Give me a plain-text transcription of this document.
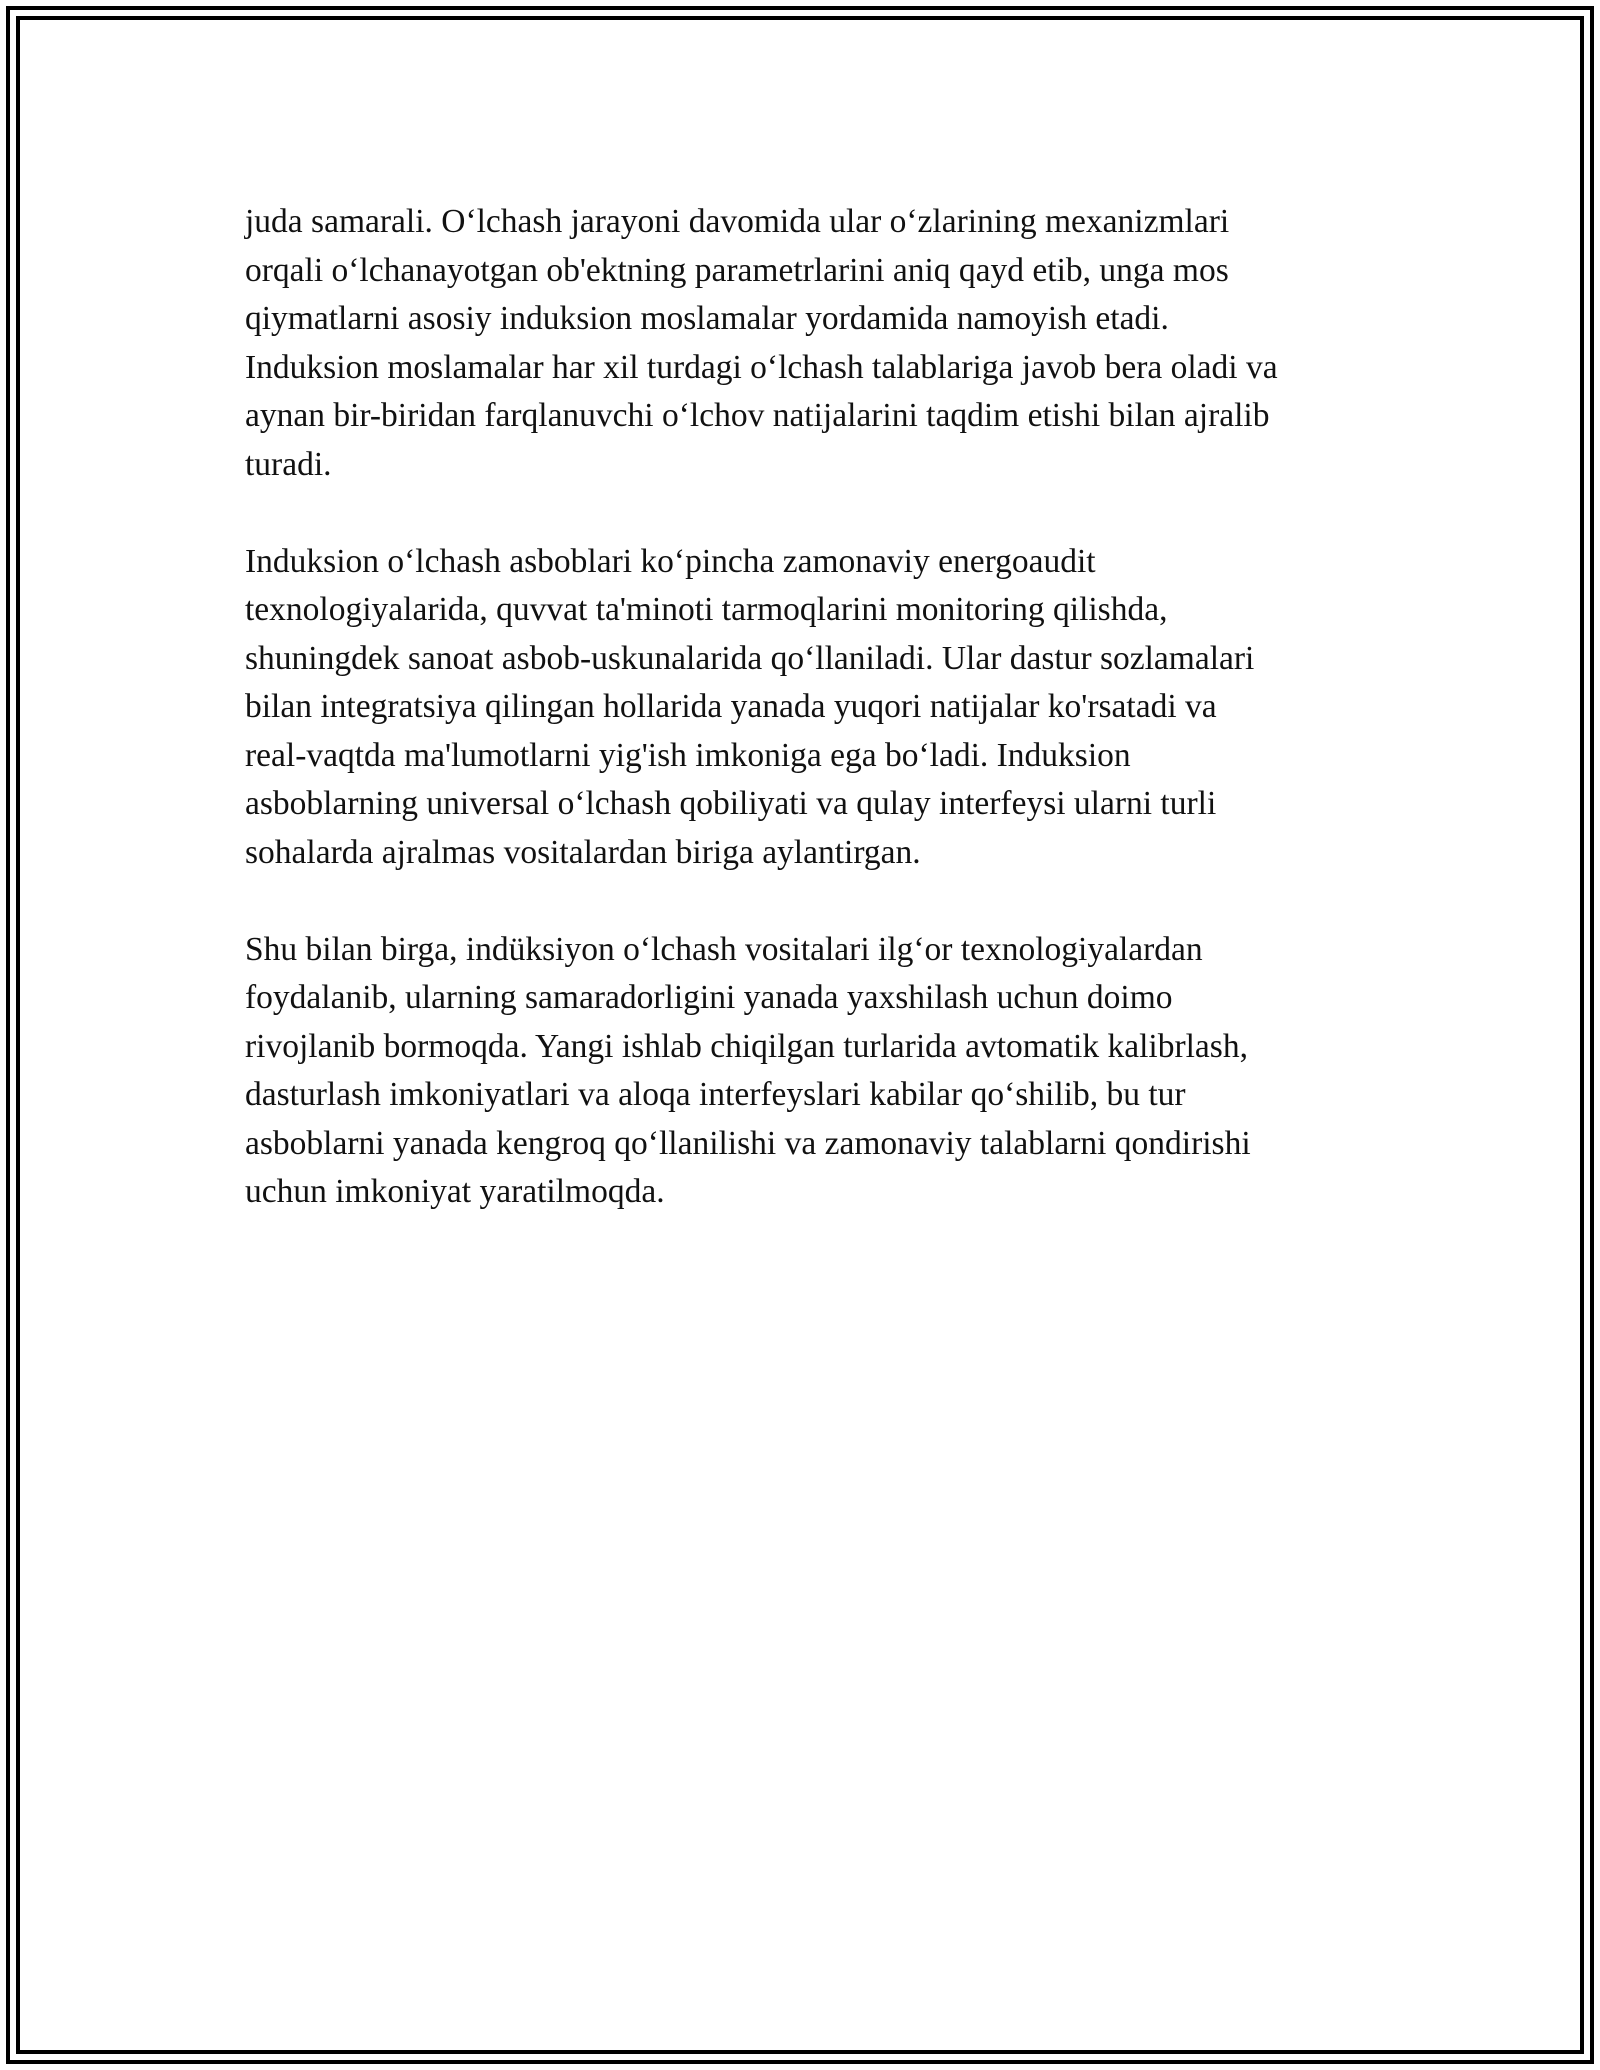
juda samarali. O‘lchash jarayoni davomida ular o‘zlarining mexanizmlari
orqali o‘lchanayotgan ob'ektning parametrlarini aniq qayd etib, unga mos
qiymatlarni asosiy induksion moslamalar yordamida namoyish etadi.
Induksion moslamalar har xil turdagi o‘lchash talablariga javob bera oladi va
aynan bir-biridan farqlanuvchi o‘lchov natijalarini taqdim etishi bilan ajralib
turadi.

Induksion o‘lchash asboblari ko‘pincha zamonaviy energoaudit
texnologiyalarida, quvvat ta'minoti tarmoqlarini monitoring qilishda,
shuningdek sanoat asbob-uskunalarida qo‘llaniladi. Ular dastur sozlamalari
bilan integratsiya qilingan hollarida yanada yuqori natijalar ko'rsatadi va
real-vaqtda ma'lumotlarni yig'ish imkoniga ega bo‘ladi. Induksion
asboblarning universal o‘lchash qobiliyati va qulay interfeysi ularni turli
sohalarda ajralmas vositalardan biriga aylantirgan.

Shu bilan birga, indüksiyon o‘lchash vositalari ilg‘or texnologiyalardan
foydalanib, ularning samaradorligini yanada yaxshilash uchun doimo
rivojlanib bormoqda. Yangi ishlab chiqilgan turlarida avtomatik kalibrlash,
dasturlash imkoniyatlari va aloqa interfeyslari kabilar qo‘shilib, bu tur
asboblarni yanada kengroq qo‘llanilishi va zamonaviy talablarni qondirishi
uchun imkoniyat yaratilmoqda.
